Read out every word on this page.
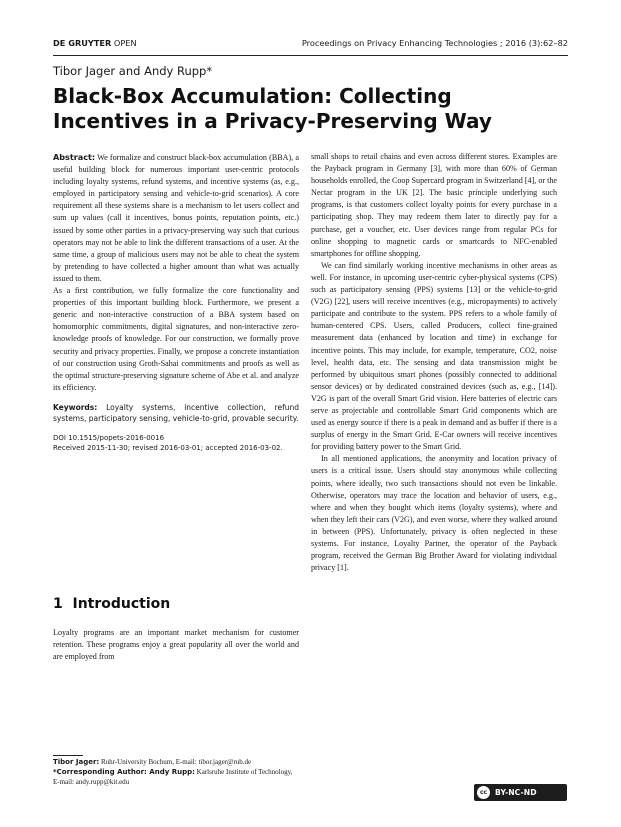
DE GRUYTER OPEN	Proceedings on Privacy Enhancing Technologies ; 2016 (3):62–82
Tibor Jager and Andy Rupp*
Black-Box Accumulation: Collecting Incentives in a Privacy-Preserving Way

Abstract: We formalize and construct black-box accumulation (BBA), a useful building block for numerous important user-centric protocols including loyalty systems, refund systems, and incentive systems (as, e.g., employed in participatory sensing and vehicle-to-grid scenarios). A core requirement all these systems share is a mechanism to let users collect and sum up values (call it incentives, bonus points, reputation points, etc.) issued by some other parties in a privacy-preserving way such that curious operators may not be able to link the different transactions of a user. At the same time, a group of malicious users may not be able to cheat the system by pretending to have collected a higher amount than what was actually issued to them.

As a first contribution, we fully formalize the core functionality and properties of this important building block. Furthermore, we present a generic and non-interactive construction of a BBA system based on homomorphic commitments, digital signatures, and non-interactive zero-knowledge proofs of knowledge. For our construction, we formally prove security and privacy properties. Finally, we propose a concrete instantiation of our construction using Groth-Sahai commitments and proofs as well as the optimal structure-preserving signature scheme of Abe et al. and analyze its efficiency.

Keywords: Loyalty systems, incentive collection, refund systems, participatory sensing, vehicle-to-grid, provable security.

DOI 10.1515/popets-2016-0016
Received 2015-11-30; revised 2016-03-01; accepted 2016-03-02.

1 Introduction

Loyalty programs are an important market mechanism for customer retention. These programs enjoy a great popularity all over the world and are employed from

small shops to retail chains and even across different stores. Examples are the Payback program in Germany [3], with more than 60% of German households enrolled, the Coop Supercard program in Switzerland [4], or the Nectar program in the UK [2]. The basic principle underlying such programs, is that customers collect loyalty points for every purchase in a participating shop. They may redeem them later to directly pay for a purchase, get a voucher, etc. User devices range from regular PCs for online shopping to magnetic cards or smartcards to NFC-enabled smartphones for offline shopping.

We can find similarly working incentive mechanisms in other areas as well. For instance, in upcoming user-centric cyber-physical systems (CPS) such as participatory sensing (PPS) systems [13] or the vehicle-to-grid (V2G) [22], users will receive incentives (e.g., micropayments) to actively participate and contribute to the system. PPS refers to a whole family of human-centered CPS. Users, called Producers, collect fine-grained measurement data (enhanced by location and time) in exchange for incentive points. This may include, for example, temperature, CO2, noise level, health data, etc. The sensing and data transmission might be performed by ubiquitous smart phones (possibly connected to additional sensor devices) or by dedicated constrained devices (such as, e.g., [14]). V2G is part of the overall Smart Grid vision. Here batteries of electric cars serve as projectable and controllable Smart Grid components which are used as energy source if there is a peak in demand and as buffer if there is a surplus of energy in the Smart Grid. E-Car owners will receive incentives for providing battery power to the Smart Grid.

In all mentioned applications, the anonymity and location privacy of users is a critical issue. Users should stay anonymous while collecting points, where ideally, two such transactions should not even be linkable. Otherwise, operators may trace the location and behavior of users, e.g., where and when they bought which items (loyalty systems), where and when they left their cars (V2G), and even worse, where they walked around in between (PPS). Unfortunately, privacy is often neglected in these systems. For instance, Loyalty Partner, the operator of the Payback program, received the German Big Brother Award for violating individual privacy [1].

Tibor Jager: Ruhr-University Bochum, E-mail: tibor.jager@rub.de

*Corresponding Author: Andy Rupp: Karlsruhe Institute of Technology, E-mail: andy.rupp@kit.edu

cc	BY-NC-ND
